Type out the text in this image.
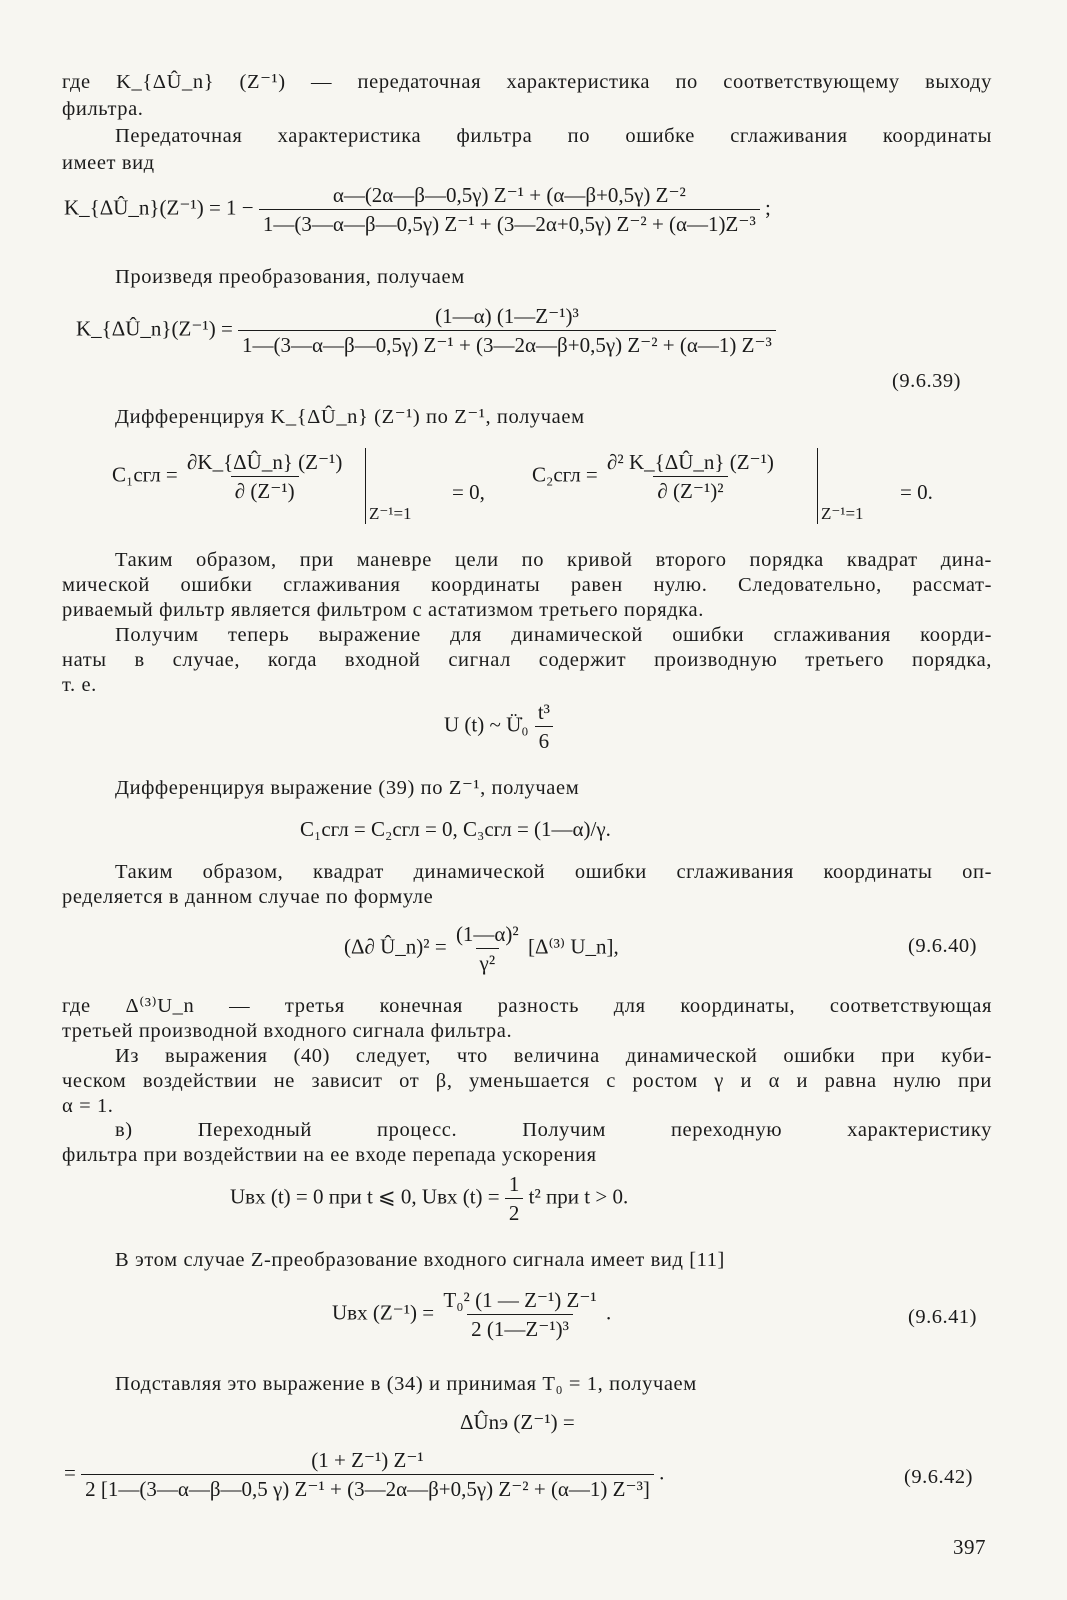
где K_{ΔÛ_n} (Z⁻¹) — передаточная характеристика по соответствующему выходу
фильтра.
Передаточная характеристика фильтра по ошибке сглаживания координаты
имеет вид
K_{ΔÛ_n}(Z⁻¹) = $1 - \frac{\text{α—(2α—β—0,5γ) Z⁻¹ + (α—β+0,5γ) Z⁻²}}{\text{1—(3—α—β—0,5γ) Z⁻¹ + (3—2α+0,5γ) Z⁻² + (α—1)Z⁻³}}$ ;
Произведя преобразования, получаем
K_{ΔÛ_n}(Z⁻¹) = $\frac{\text{(1—α) (1—Z⁻¹)³}}{\text{1—(3—α—β—0,5γ) Z⁻¹ + (3—2α—β+0,5γ) Z⁻² + (α—1) Z⁻³}}$
(9.6.39)
Дифференцируя K_{ΔÛ_n} (Z⁻¹) по Z⁻¹, получаем
$C_1сгл = \frac{\text{∂K\_\{ΔÛ\_n\} (Z⁻¹)}}{\text{∂ (Z⁻¹)}}$
Z⁻¹=1
= 0,
$C_2сгл = \frac{\text{∂² K\_\{ΔÛ\_n\} (Z⁻¹)}}{\text{∂ (Z⁻¹)²}}$
Z⁻¹=1
= 0.
Таким образом, при маневре цели по кривой второго порядка квадрат дина-
мической ошибки сглаживания координаты равен нулю. Следовательно, рассмат-
риваемый фильтр является фильтром с астатизмом третьего порядка.
Получим теперь выражение для динамической ошибки сглаживания коорди-
наты в случае, когда входной сигнал содержит производную третьего порядка,
т. е.
U (t) ~ Ü̇₀ $\frac{\text{t³}}{6}$
Дифференцируя выражение (39) по Z⁻¹, получаем
C₁сгл = C₂сгл = 0, C₃сгл = (1—α)/γ.
Таким образом, квадрат динамической ошибки сглаживания координаты оп-
ределяется в данном случае по формуле
(Δ∂ Û_n)² = $\frac{\text{(1—α)²}}{\text{γ²}} [\Delta^{(3)}$ U_n],	(9.6.40)
где Δ⁽³⁾U_n — третья конечная разность для координаты, соответствующая
третьей производной входного сигнала фильтра.
Из выражения (40) следует, что величина динамической ошибки при куби-
ческом воздействии не зависит от β, уменьшается с ростом γ и α и равна нулю при
α = 1.
в) Переходный процесс. Получим переходную характеристику
фильтра при воздействии на ее входе перепада ускорения
Uвх (t) = 0 при t ⩽ 0, Uвх $(t) = \frac{1}{2} t^2$ при t > 0.
В этом случае Z-преобразование входного сигнала имеет вид [11]
Uвх $(Z^{-1}) = \frac{\text{T₀² (1 — Z⁻¹) Z⁻¹}}{\text{2 (1—Z⁻¹)³}}$ .	(9.6.41)
Подставляя это выражение в (34) и принимая T₀ = 1, получаем
ΔÛnэ (Z⁻¹) =
= $\frac{\text{(1 + Z⁻¹) Z⁻¹}}{\text{2 [1—(3—α—β—0,5 γ) Z⁻¹ + (3—2α—β+0,5γ) Z⁻² + (α—1) Z⁻³]}}$ .	(9.6.42)
397
